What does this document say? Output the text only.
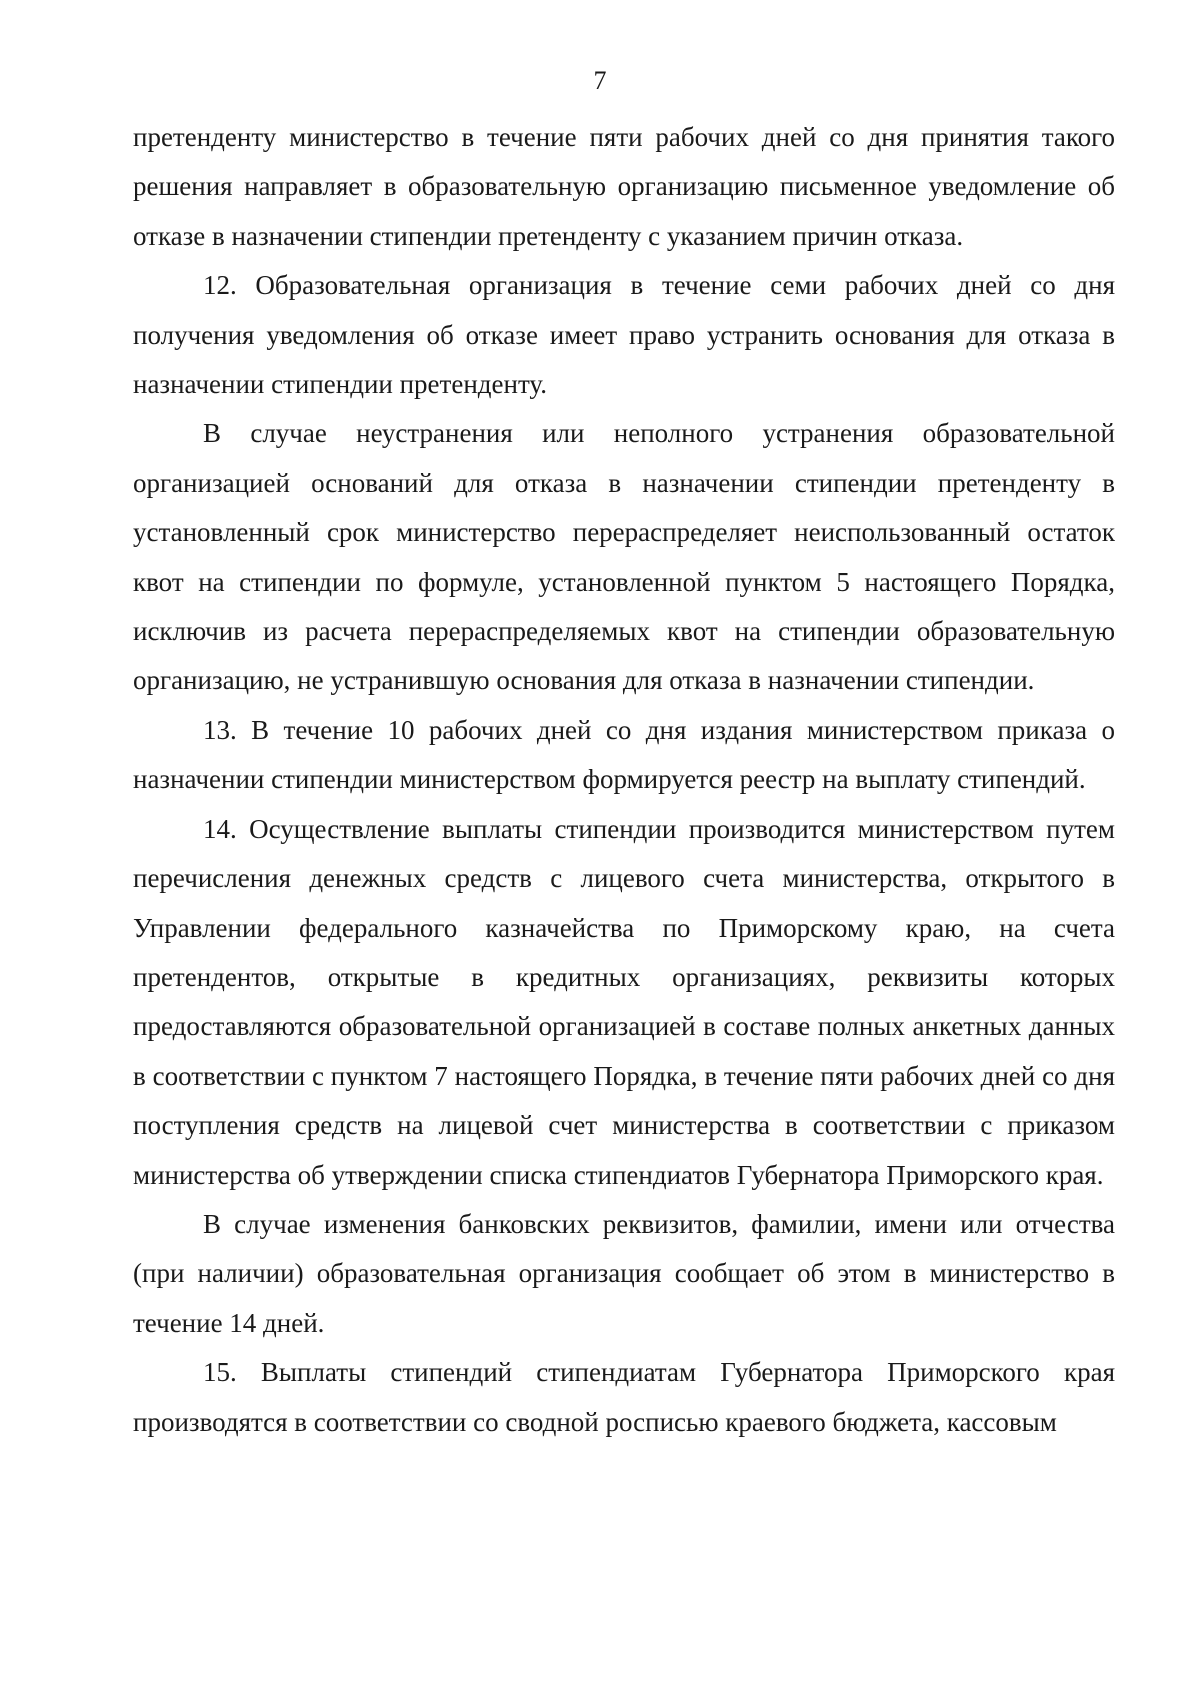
7

претенденту министерство в течение пяти рабочих дней со дня принятия такого решения направляет в образовательную организацию письменное уведомление об отказе в назначении стипендии претенденту с указанием причин отказа.

12. Образовательная организация в течение семи рабочих дней со дня получения уведомления об отказе имеет право устранить основания для отказа в назначении стипендии претенденту.

В случае неустранения или неполного устранения образовательной организацией оснований для отказа в назначении стипендии претенденту в установленный срок министерство перераспределяет неиспользованный остаток квот на стипендии по формуле, установленной пунктом 5 настоящего Порядка, исключив из расчета перераспределяемых квот на стипендии образовательную организацию, не устранившую основания для отказа в назначении стипендии.

13. В течение 10 рабочих дней со дня издания министерством приказа о назначении стипендии министерством формируется реестр на выплату стипендий.

14. Осуществление выплаты стипендии производится министерством путем перечисления денежных средств с лицевого счета министерства, открытого в Управлении федерального казначейства по Приморскому краю, на счета претендентов, открытые в кредитных организациях, реквизиты которых предоставляются образовательной организацией в составе полных анкетных данных в соответствии с пунктом 7 настоящего Порядка, в течение пяти рабочих дней со дня поступления средств на лицевой счет министерства в соответствии с приказом министерства об утверждении списка стипендиатов Губернатора Приморского края.

В случае изменения банковских реквизитов, фамилии, имени или отчества (при наличии) образовательная организация сообщает об этом в министерство в течение 14 дней.

15. Выплаты стипендий стипендиатам Губернатора Приморского края производятся в соответствии со сводной росписью краевого бюджета, кассовым
